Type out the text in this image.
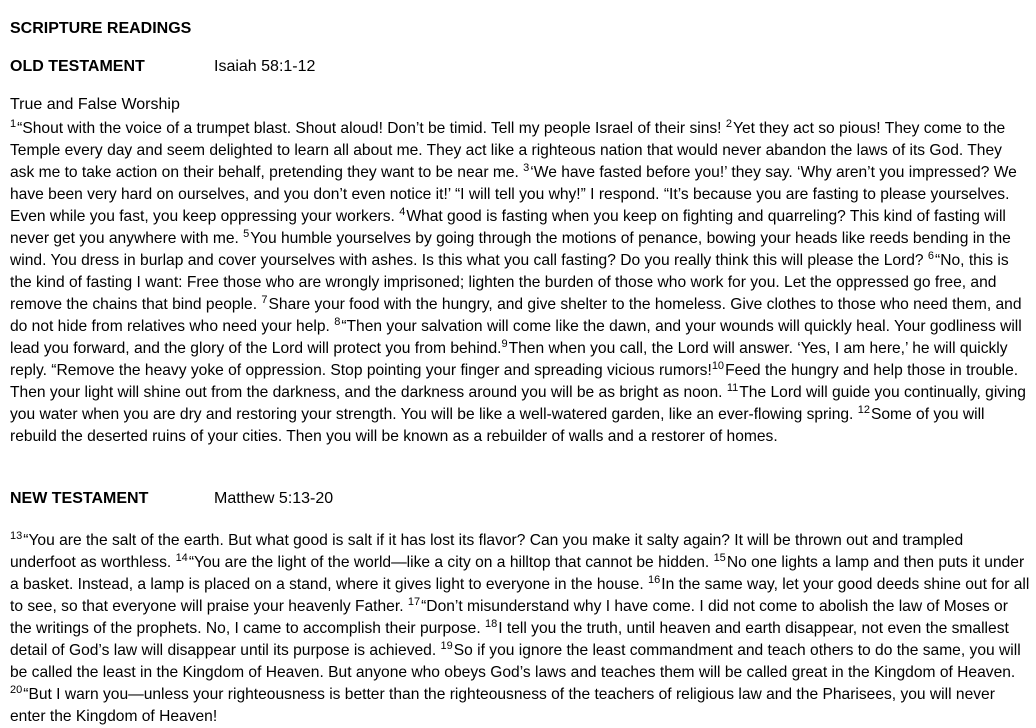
SCRIPTURE READINGS
OLD TESTAMENT	Isaiah 58:1-12
True and False Worship
$^1$“Shout with the voice of a trumpet blast. Shout aloud! Don’t be timid. Tell my people Israel of their sins! $^2$Yet they act so pious! They come to the Temple every day and seem delighted to learn all about me. They act like a righteous nation that would never abandon the laws of its God. They ask me to take action on their behalf, pretending they want to be near me. $^3$‘We have fasted before you!’ they say. ‘Why aren’t you impressed? We have been very hard on ourselves, and you don’t even notice it!’ “I will tell you why!” I respond. “It’s because you are fasting to please yourselves. Even while you fast, you keep oppressing your workers. $^4$What good is fasting when you keep on fighting and quarreling? This kind of fasting will never get you anywhere with me. $^5$You humble yourselves by going through the motions of penance, bowing your heads like reeds bending in the wind. You dress in burlap and cover yourselves with ashes. Is this what you call fasting? Do you really think this will please the Lord? $^6$“No, this is the kind of fasting I want: Free those who are wrongly imprisoned; lighten the burden of those who work for you. Let the oppressed go free, and remove the chains that bind people. $^7$Share your food with the hungry, and give shelter to the homeless. Give clothes to those who need them, and do not hide from relatives who need your help. $^8$“Then your salvation will come like the dawn, and your wounds will quickly heal. Your godliness will lead you forward, and the glory of the Lord will protect you from behind.$^9$Then when you call, the Lord will answer. ‘Yes, I am here,’ he will quickly reply. “Remove the heavy yoke of oppression. Stop pointing your finger and spreading vicious rumors!$^{10}$Feed the hungry and help those in trouble. Then your light will shine out from the darkness, and the darkness around you will be as bright as noon. $^{11}$The Lord will guide you continually, giving you water when you are dry and restoring your strength. You will be like a well-watered garden, like an ever-flowing spring. $^{12}$Some of you will rebuild the deserted ruins of your cities. Then you will be known as a rebuilder of walls and a restorer of homes.
NEW TESTAMENT	Matthew 5:13-20
$^{13}$“You are the salt of the earth. But what good is salt if it has lost its flavor? Can you make it salty again? It will be thrown out and trampled underfoot as worthless. $^{14}$“You are the light of the world—like a city on a hilltop that cannot be hidden. $^{15}$No one lights a lamp and then puts it under a basket. Instead, a lamp is placed on a stand, where it gives light to everyone in the house. $^{16}$In the same way, let your good deeds shine out for all to see, so that everyone will praise your heavenly Father. $^{17}$“Don’t misunderstand why I have come. I did not come to abolish the law of Moses or the writings of the prophets. No, I came to accomplish their purpose. $^{18}$I tell you the truth, until heaven and earth disappear, not even the smallest detail of God’s law will disappear until its purpose is achieved. $^{19}$So if you ignore the least commandment and teach others to do the same, you will be called the least in the Kingdom of Heaven. But anyone who obeys God’s laws and teaches them will be called great in the Kingdom of Heaven. $^{20}$“But I warn you—unless your righteousness is better than the righteousness of the teachers of religious law and the Pharisees, you will never enter the Kingdom of Heaven!
